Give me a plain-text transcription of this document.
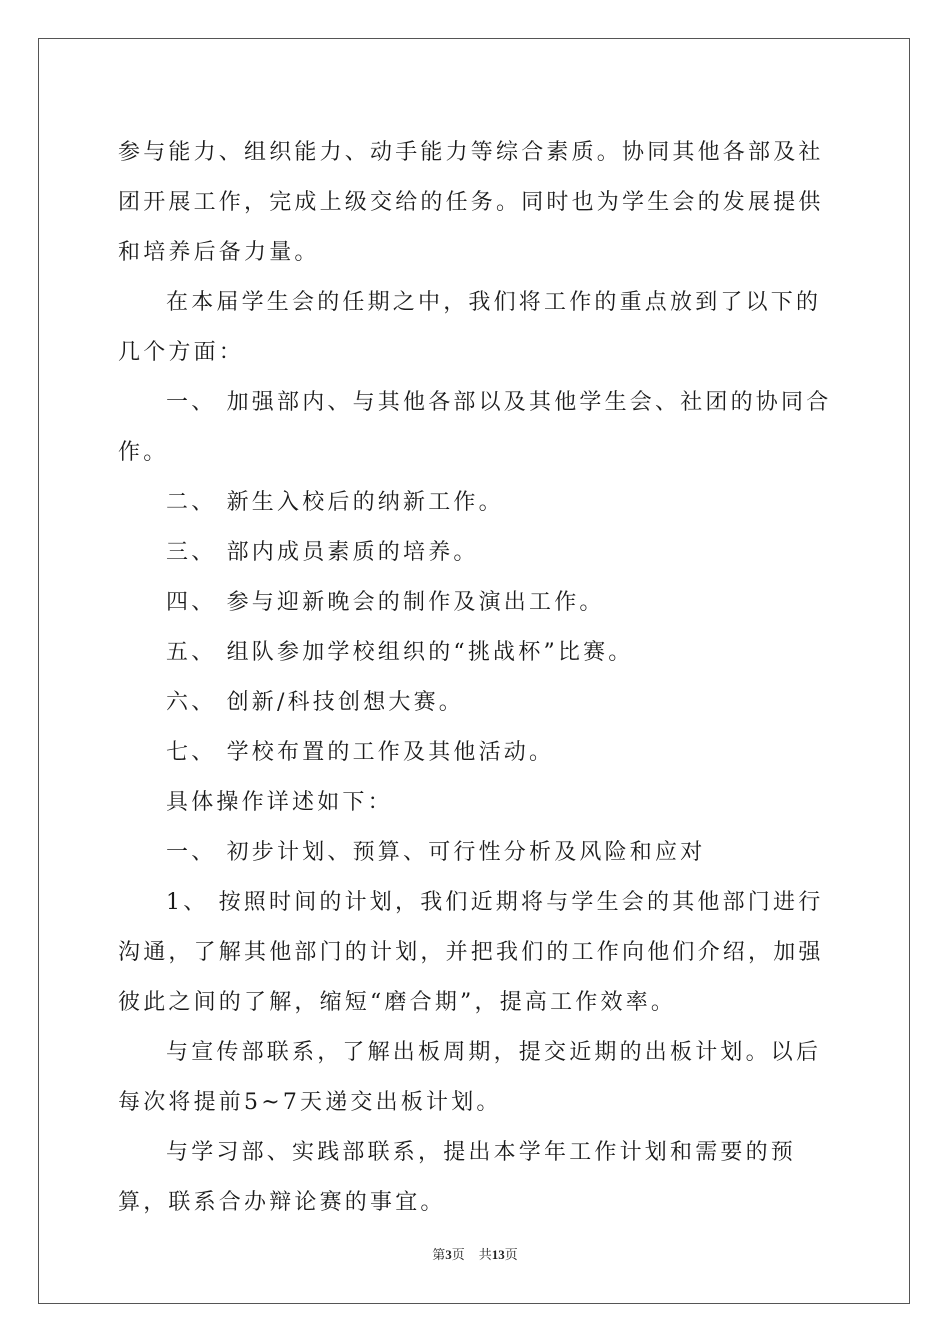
参与能力、组织能力、动手能力等综合素质。协同其他各部及社团开展工作，完成上级交给的任务。同时也为学生会的发展提供和培养后备力量。

在本届学生会的任期之中，我们将工作的重点放到了以下的几个方面：

一、 加强部内、与其他各部以及其他学生会、社团的协同合作。

二、 新生入校后的纳新工作。

三、 部内成员素质的培养。

四、 参与迎新晚会的制作及演出工作。

五、 组队参加学校组织的“挑战杯”比赛。

六、 创新/科技创想大赛。

七、 学校布置的工作及其他活动。

具体操作详述如下：

一、 初步计划、预算、可行性分析及风险和应对

1、 按照时间的计划，我们近期将与学生会的其他部门进行沟通，了解其他部门的计划，并把我们的工作向他们介绍，加强彼此之间的了解，缩短“磨合期”，提高工作效率。

与宣传部联系，了解出板周期，提交近期的出板计划。以后每次将提前5~7天递交出板计划。

与学习部、实践部联系，提出本学年工作计划和需要的预算，联系合办辩论赛的事宜。

第3页 共13页
